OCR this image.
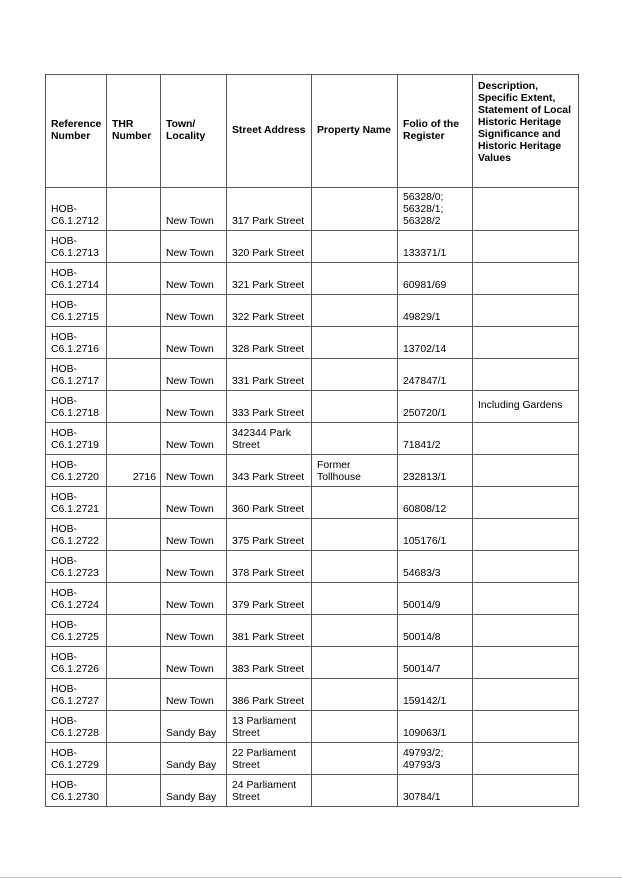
Reference Number	THR Number	Town/ Locality	Street Address	Property Name	Folio of the Register	Description, Specific Extent, Statement of Local Historic Heritage Significance and Historic Heritage Values
HOB-C6.1.2712		New Town	317 Park Street		56328/0; 56328/1; 56328/2	
HOB-C6.1.2713		New Town	320 Park Street		133371/1	
HOB-C6.1.2714		New Town	321 Park Street		60981/69	
HOB-C6.1.2715		New Town	322 Park Street		49829/1	
HOB-C6.1.2716		New Town	328 Park Street		13702/14	
HOB-C6.1.2717		New Town	331 Park Street		247847/1	
HOB-C6.1.2718		New Town	333 Park Street		250720/1	Including Gardens
HOB-C6.1.2719		New Town	342344 Park Street		71841/2	
HOB-C6.1.2720	2716	New Town	343 Park Street	Former Tollhouse	232813/1	
HOB-C6.1.2721		New Town	360 Park Street		60808/12	
HOB-C6.1.2722		New Town	375 Park Street		105176/1	
HOB-C6.1.2723		New Town	378 Park Street		54683/3	
HOB-C6.1.2724		New Town	379 Park Street		50014/9	
HOB-C6.1.2725		New Town	381 Park Street		50014/8	
HOB-C6.1.2726		New Town	383 Park Street		50014/7	
HOB-C6.1.2727		New Town	386 Park Street		159142/1	
HOB-C6.1.2728		Sandy Bay	13 Parliament Street		109063/1	
HOB-C6.1.2729		Sandy Bay	22 Parliament Street		49793/2; 49793/3	
HOB-C6.1.2730		Sandy Bay	24 Parliament Street		30784/1	
